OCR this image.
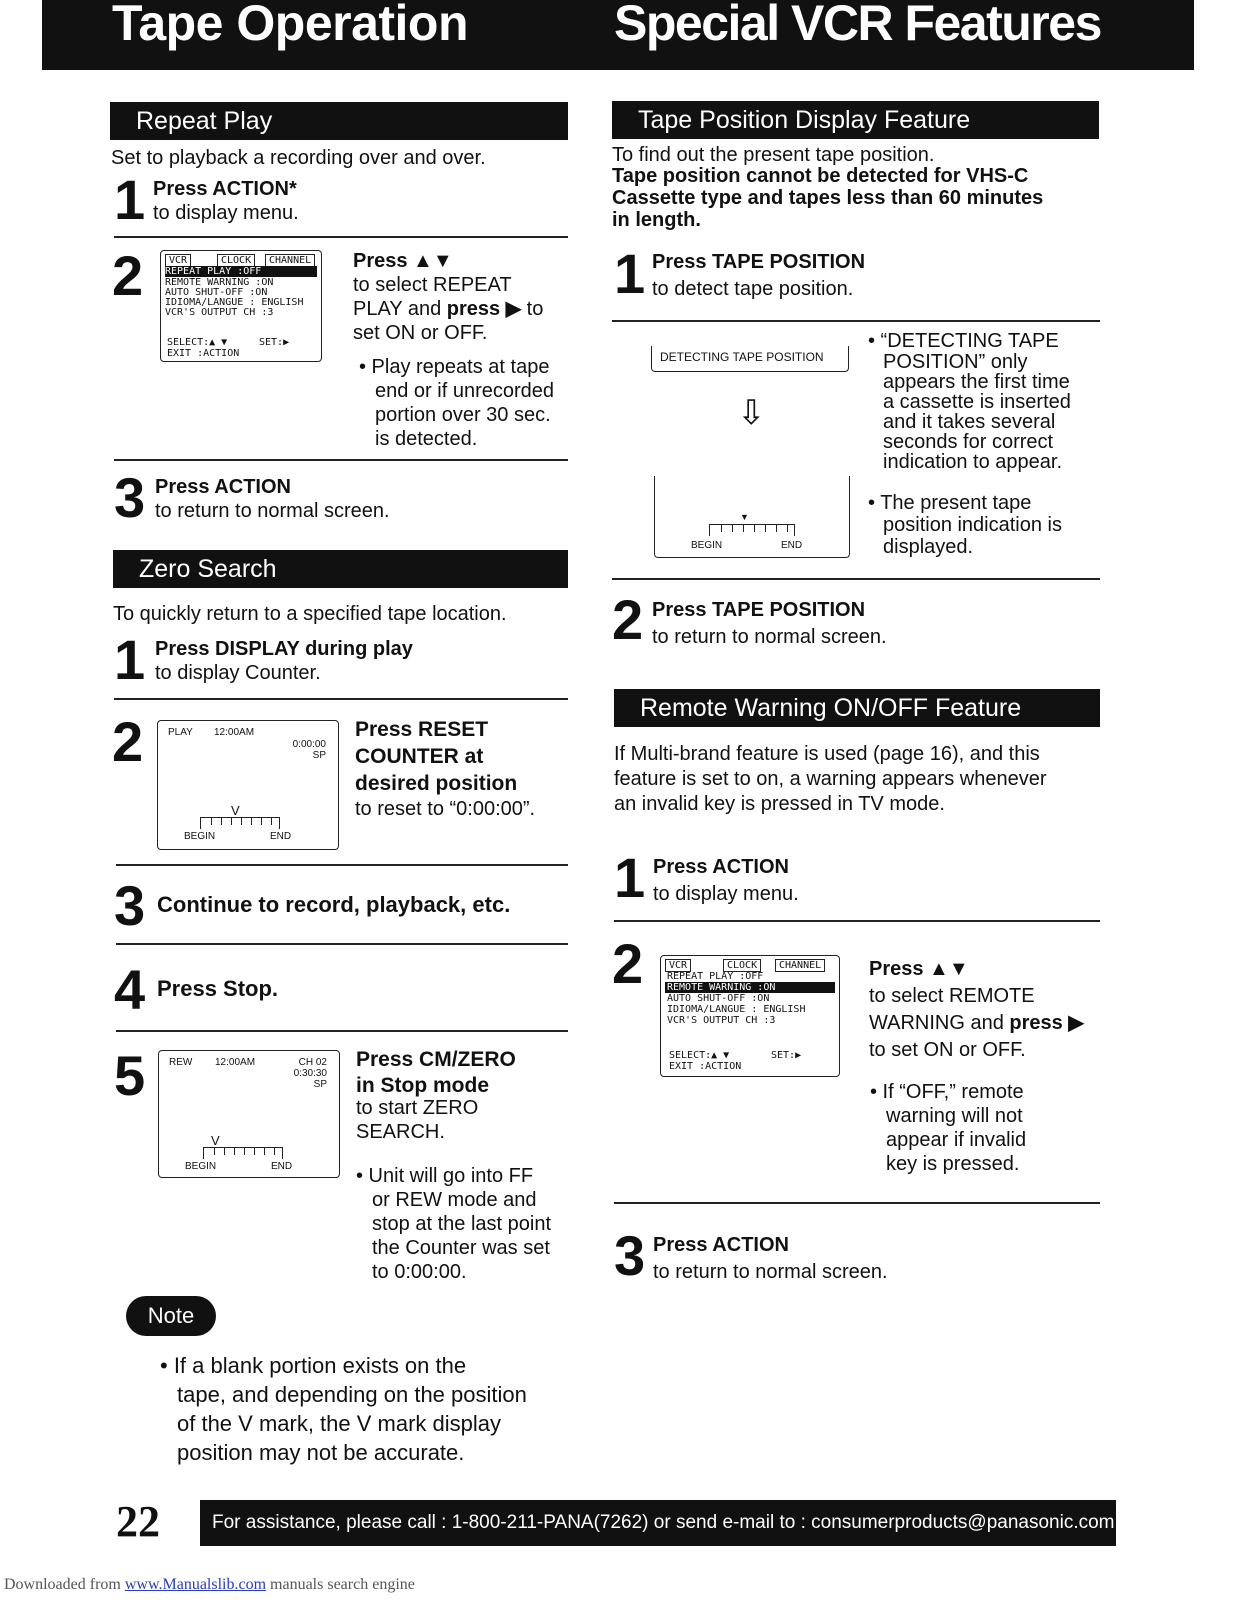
Tape Operation	Special VCR Features
Repeat Play
Set to playback a recording over and over.
1 Press ACTION*
to display menu.
2	VCR	CLOCK	CHANNEL
REPEAT PLAY :OFF
REMOTE WARNING :ON
AUTO SHUT-OFF :ON
IDIOMA/LANGUE : ENGLISH
VCR'S OUTPUT CH :3
SELECT:▲ ▼	SET:▶
EXIT :ACTION
Press ▲▼
to select REPEAT
PLAY and press ▶ to
set ON or OFF.
• Play repeats at tape
end or if unrecorded
portion over 30 sec.
is detected.
3 Press ACTION
to return to normal screen.
Zero Search
To quickly return to a specified tape location.
1 Press DISPLAY during play
to display Counter.
2	PLAY 12:00AM
0:00:00
SP
V
BEGIN	END
Press RESET
COUNTER at
desired position
to reset to “0:00:00”.
3 Continue to record, playback, etc.
4 Press Stop.
5	REW 12:00AM	CH 02
0:30:30
SP
V
BEGIN	END
Press CM/ZERO
in Stop mode
to start ZERO
SEARCH.
• Unit will go into FF
or REW mode and
stop at the last point
the Counter was set
to 0:00:00.
Note
• If a blank portion exists on the
tape, and depending on the position
of the V mark, the V mark display
position may not be accurate.
Tape Position Display Feature
To find out the present tape position.
Tape position cannot be detected for VHS-C
Cassette type and tapes less than 60 minutes
in length.
1 Press TAPE POSITION
to detect tape position.
DETECTING TAPE POSITION
⇩
▼
BEGIN	END
• “DETECTING TAPE
POSITION” only
appears the first time
a cassette is inserted
and it takes several
seconds for correct
indication to appear.
• The present tape
position indication is
displayed.
2 Press TAPE POSITION
to return to normal screen.
Remote Warning ON/OFF Feature
If Multi-brand feature is used (page 16), and this
feature is set to on, a warning appears whenever
an invalid key is pressed in TV mode.
1 Press ACTION
to display menu.
2	VCR	CLOCK	CHANNEL
REPEAT PLAY :OFF
REMOTE WARNING :ON
AUTO SHUT-OFF :ON
IDIOMA/LANGUE : ENGLISH
VCR'S OUTPUT CH :3
SELECT:▲ ▼	SET:▶
EXIT :ACTION
Press ▲▼
to select REMOTE
WARNING and press ▶
to set ON or OFF.
• If “OFF,” remote
warning will not
appear if invalid
key is pressed.
3 Press ACTION
to return to normal screen.
22	For assistance, please call : 1-800-211-PANA(7262) or send e-mail to : consumerproducts@panasonic.com
Downloaded from www.Manualslib.com manuals search engine
